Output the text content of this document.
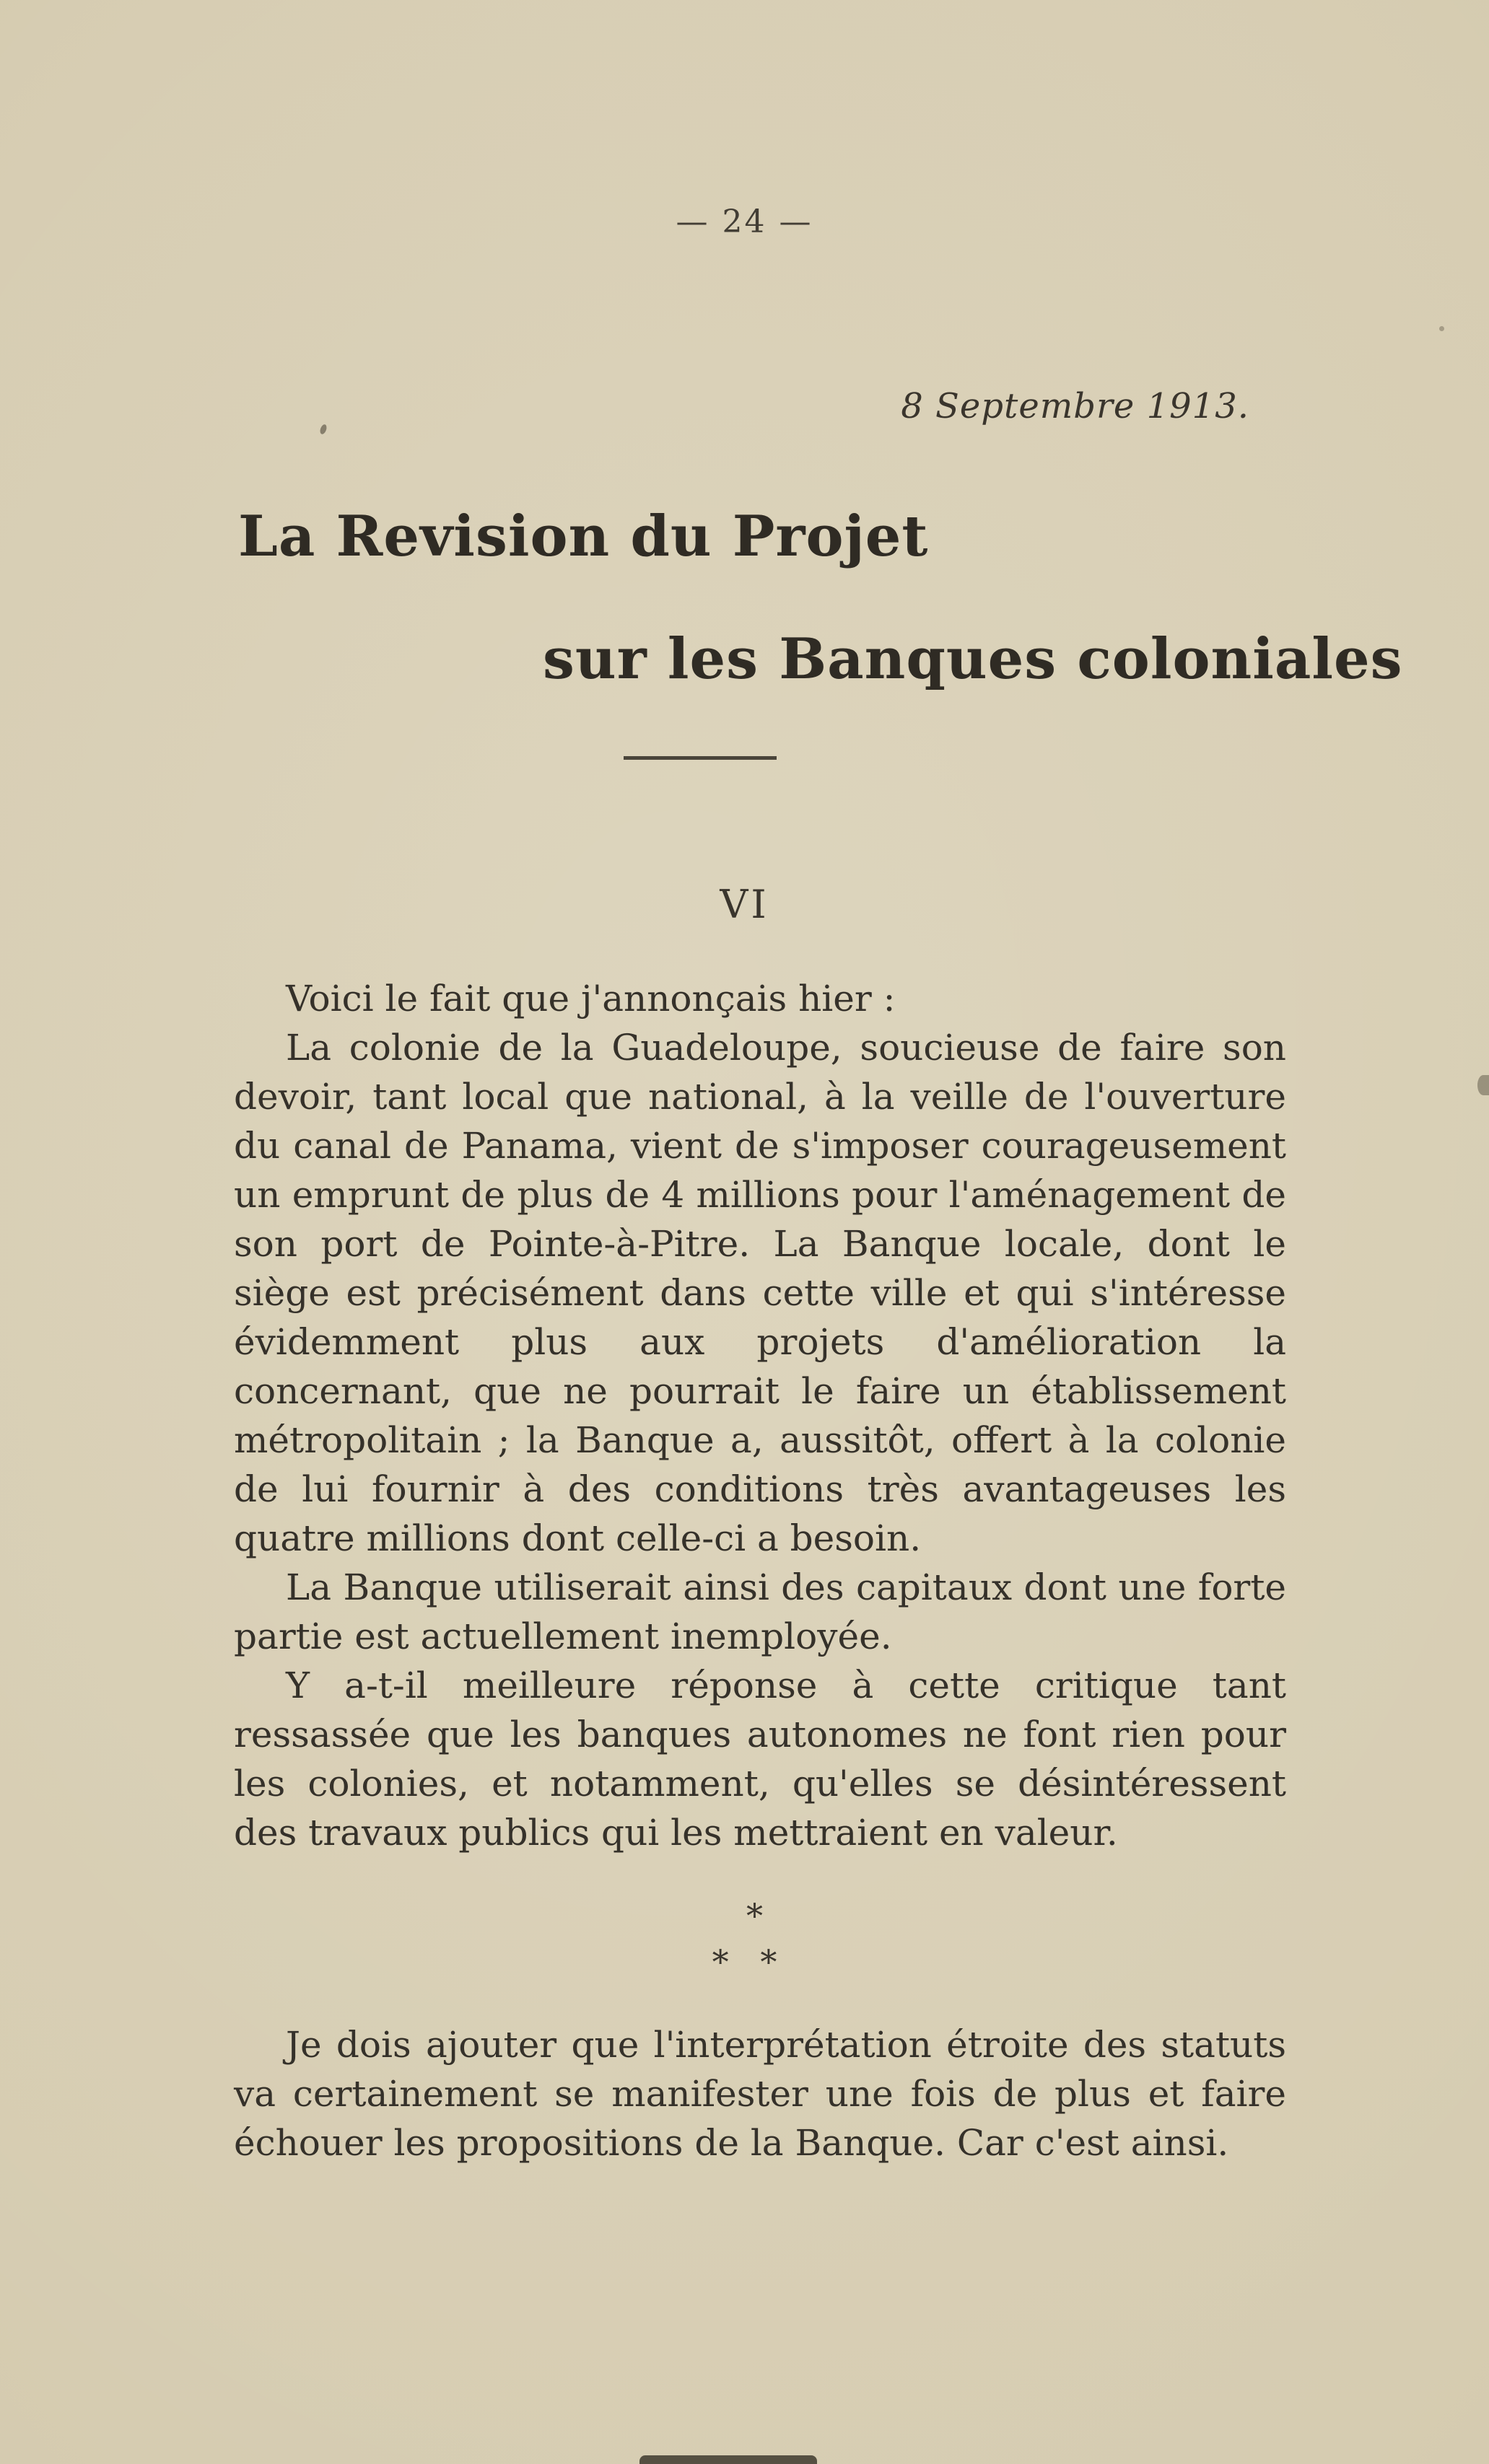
— 24 —
8 Septembre 1913.
La Revision du Projet
sur les Banques coloniales
VI

Voici le fait que j'annonçais hier :

La colonie de la Guadeloupe, soucieuse de faire son devoir, tant local que national, à la veille de l'ouverture du canal de Panama, vient de s'imposer courageusement un emprunt de plus de 4 millions pour l'aménagement de son port de Pointe-à-Pitre. La Banque locale, dont le siège est précisément dans cette ville et qui s'intéresse évidemment plus aux projets d'amélioration la concernant, que ne pourrait le faire un établissement métropolitain ; la Banque a, aussitôt, offert à la colonie de lui fournir à des conditions très avantageuses les quatre millions dont celle-ci a besoin.

La Banque utiliserait ainsi des capitaux dont une forte partie est actuellement inemployée.

Y a-t-il meilleure réponse à cette critique tant ressassée que les banques autonomes ne font rien pour les colonies, et notamment, qu'elles se désintéressent des travaux publics qui les mettraient en valeur.

*
*   *

Je dois ajouter que l'interprétation étroite des statuts va certainement se manifester une fois de plus et faire échouer les propositions de la Banque. Car c'est ainsi.
